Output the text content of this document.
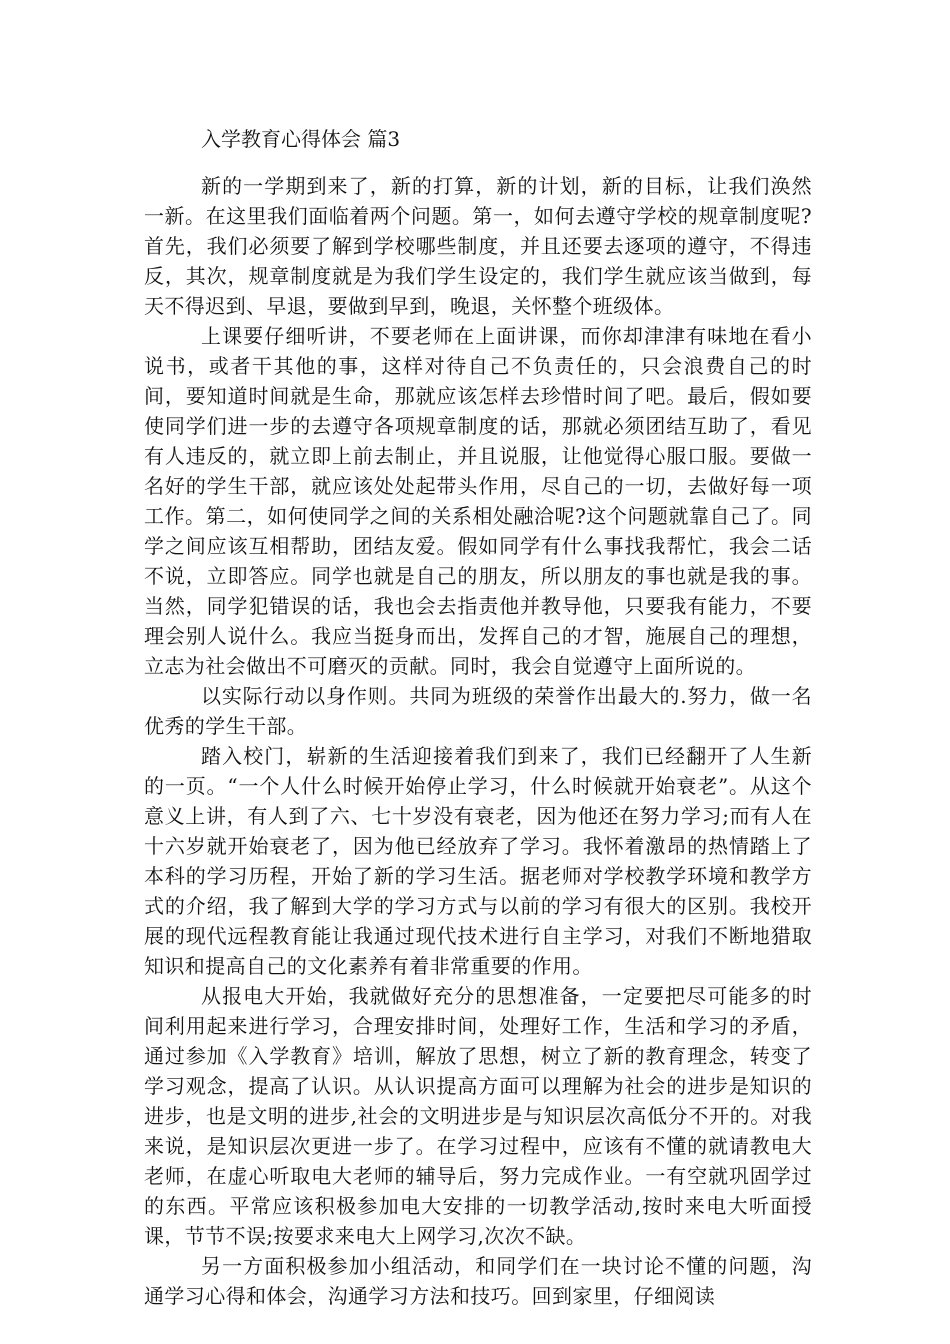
入学教育心得体会 篇3

新的一学期到来了，新的打算，新的计划，新的目标，让我们涣然一新。在这里我们面临着两个问题。第一，如何去遵守学校的规章制度呢?首先，我们必须要了解到学校哪些制度，并且还要去逐项的遵守，不得违反，其次，规章制度就是为我们学生设定的，我们学生就应该当做到，每天不得迟到、早退，要做到早到，晚退，关怀整个班级体。

上课要仔细听讲，不要老师在上面讲课，而你却津津有味地在看小说书，或者干其他的事，这样对待自己不负责任的，只会浪费自己的时间，要知道时间就是生命，那就应该怎样去珍惜时间了吧。最后，假如要使同学们进一步的去遵守各项规章制度的话，那就必须团结互助了，看见有人违反的，就立即上前去制止，并且说服，让他觉得心服口服。要做一名好的学生干部，就应该处处起带头作用，尽自己的一切，去做好每一项工作。第二，如何使同学之间的关系相处融洽呢?这个问题就靠自己了。同学之间应该互相帮助，团结友爱。假如同学有什么事找我帮忙，我会二话不说，立即答应。同学也就是自己的朋友，所以朋友的事也就是我的事。当然，同学犯错误的话，我也会去指责他并教导他，只要我有能力，不要理会别人说什么。我应当挺身而出，发挥自己的才智，施展自己的理想，立志为社会做出不可磨灭的贡献。同时，我会自觉遵守上面所说的。

以实际行动以身作则。共同为班级的荣誉作出最大的.努力，做一名优秀的学生干部。

踏入校门，崭新的生活迎接着我们到来了，我们已经翻开了人生新的一页。“一个人什么时候开始停止学习，什么时候就开始衰老”。从这个意义上讲，有人到了六、七十岁没有衰老，因为他还在努力学习;而有人在十六岁就开始衰老了，因为他已经放弃了学习。我怀着激昂的热情踏上了本科的学习历程，开始了新的学习生活。据老师对学校教学环境和教学方式的介绍，我了解到大学的学习方式与以前的学习有很大的区别。我校开展的现代远程教育能让我通过现代技术进行自主学习，对我们不断地猎取知识和提高自己的文化素养有着非常重要的作用。

从报电大开始，我就做好充分的思想准备，一定要把尽可能多的时间利用起来进行学习，合理安排时间，处理好工作，生活和学习的矛盾，通过参加《入学教育》培训，解放了思想，树立了新的教育理念，转变了学习观念，提高了认识。从认识提高方面可以理解为社会的进步是知识的进步，也是文明的进步,社会的文明进步是与知识层次高低分不开的。对我来说，是知识层次更进一步了。在学习过程中，应该有不懂的就请教电大老师，在虚心听取电大老师的辅导后，努力完成作业。一有空就巩固学过的东西。平常应该积极参加电大安排的一切教学活动,按时来电大听面授课，节节不误;按要求来电大上网学习,次次不缺。

另一方面积极参加小组活动，和同学们在一块讨论不懂的问题，沟通学习心得和体会，沟通学习方法和技巧。回到家里，仔细阅读
